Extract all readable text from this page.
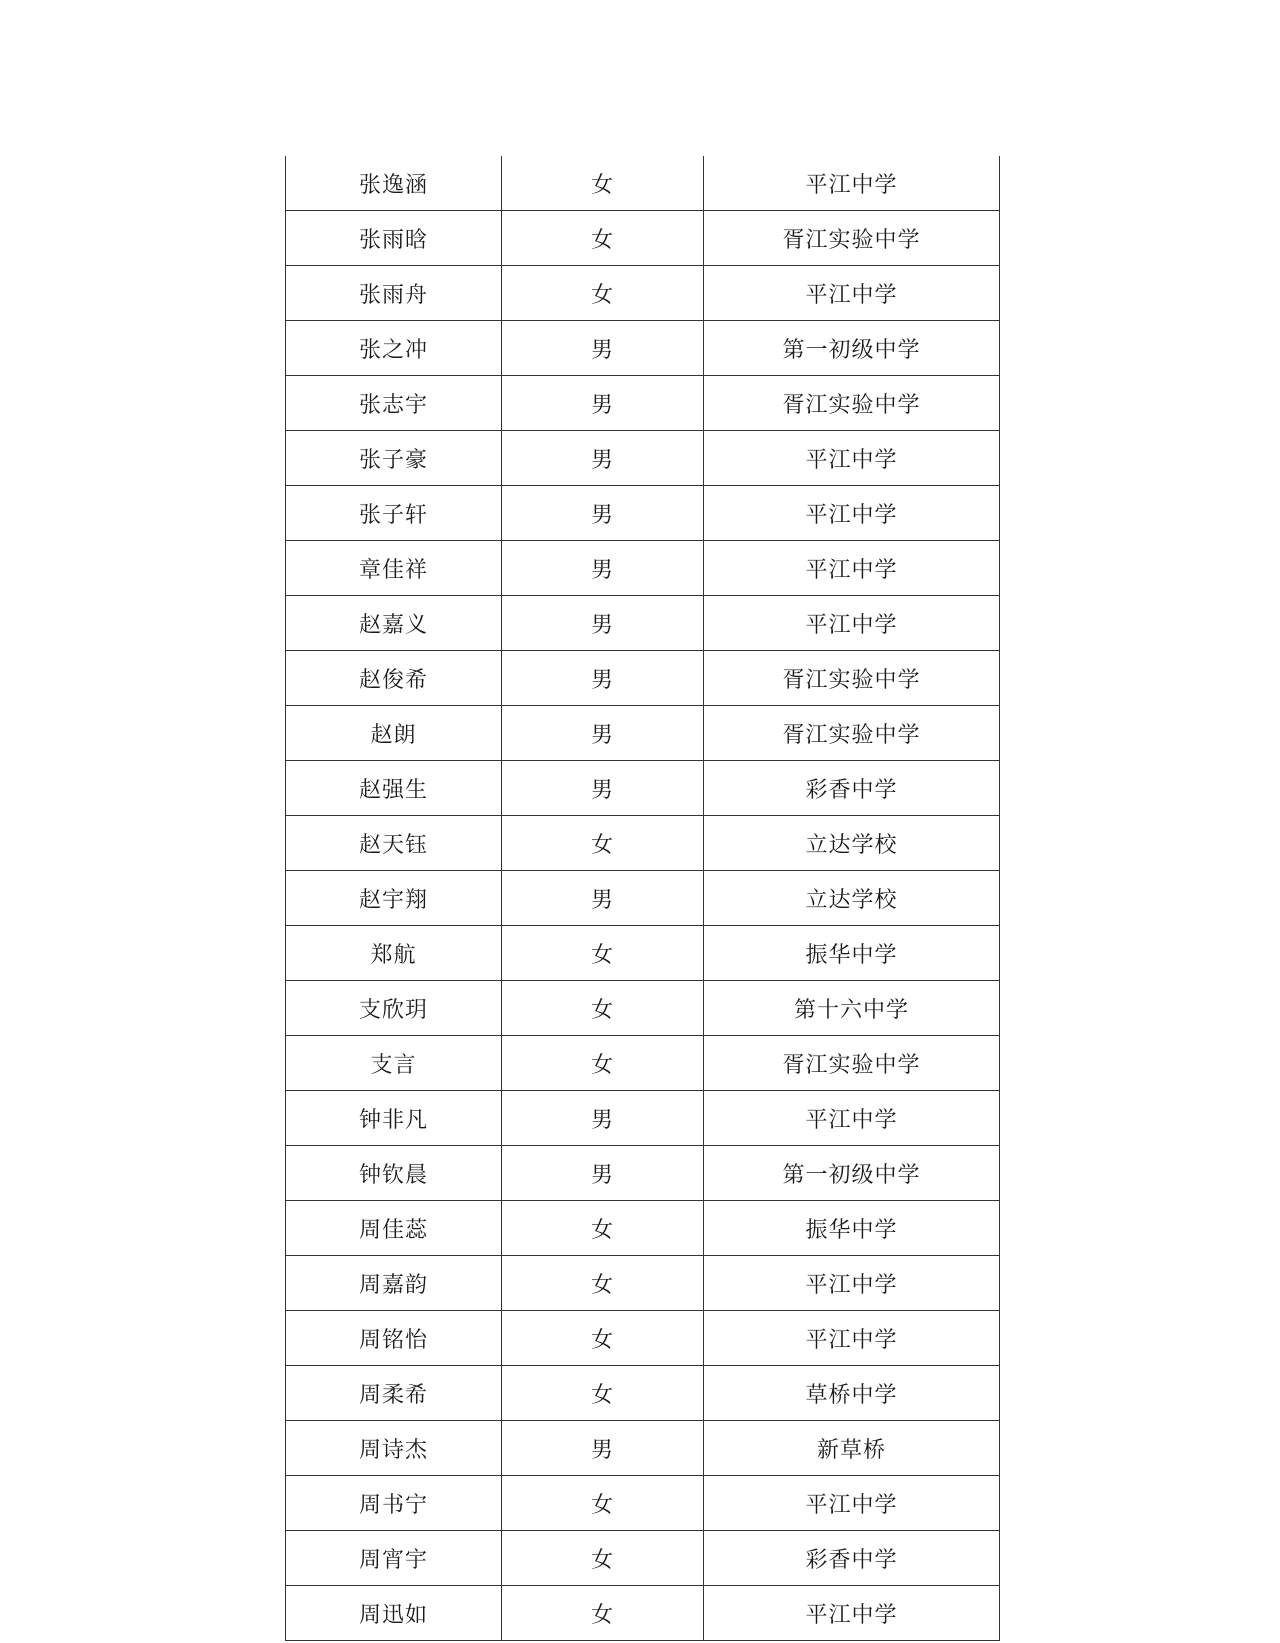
张逸涵	女	平江中学
张雨晗	女	胥江实验中学
张雨舟	女	平江中学
张之冲	男	第一初级中学
张志宇	男	胥江实验中学
张子豪	男	平江中学
张子轩	男	平江中学
章佳祥	男	平江中学
赵嘉义	男	平江中学
赵俊希	男	胥江实验中学
赵朗	男	胥江实验中学
赵强生	男	彩香中学
赵天钰	女	立达学校
赵宇翔	男	立达学校
郑航	女	振华中学
支欣玥	女	第十六中学
支言	女	胥江实验中学
钟非凡	男	平江中学
钟钦晨	男	第一初级中学
周佳蕊	女	振华中学
周嘉韵	女	平江中学
周铭怡	女	平江中学
周柔希	女	草桥中学
周诗杰	男	新草桥
周书宁	女	平江中学
周宵宇	女	彩香中学
周迅如	女	平江中学
